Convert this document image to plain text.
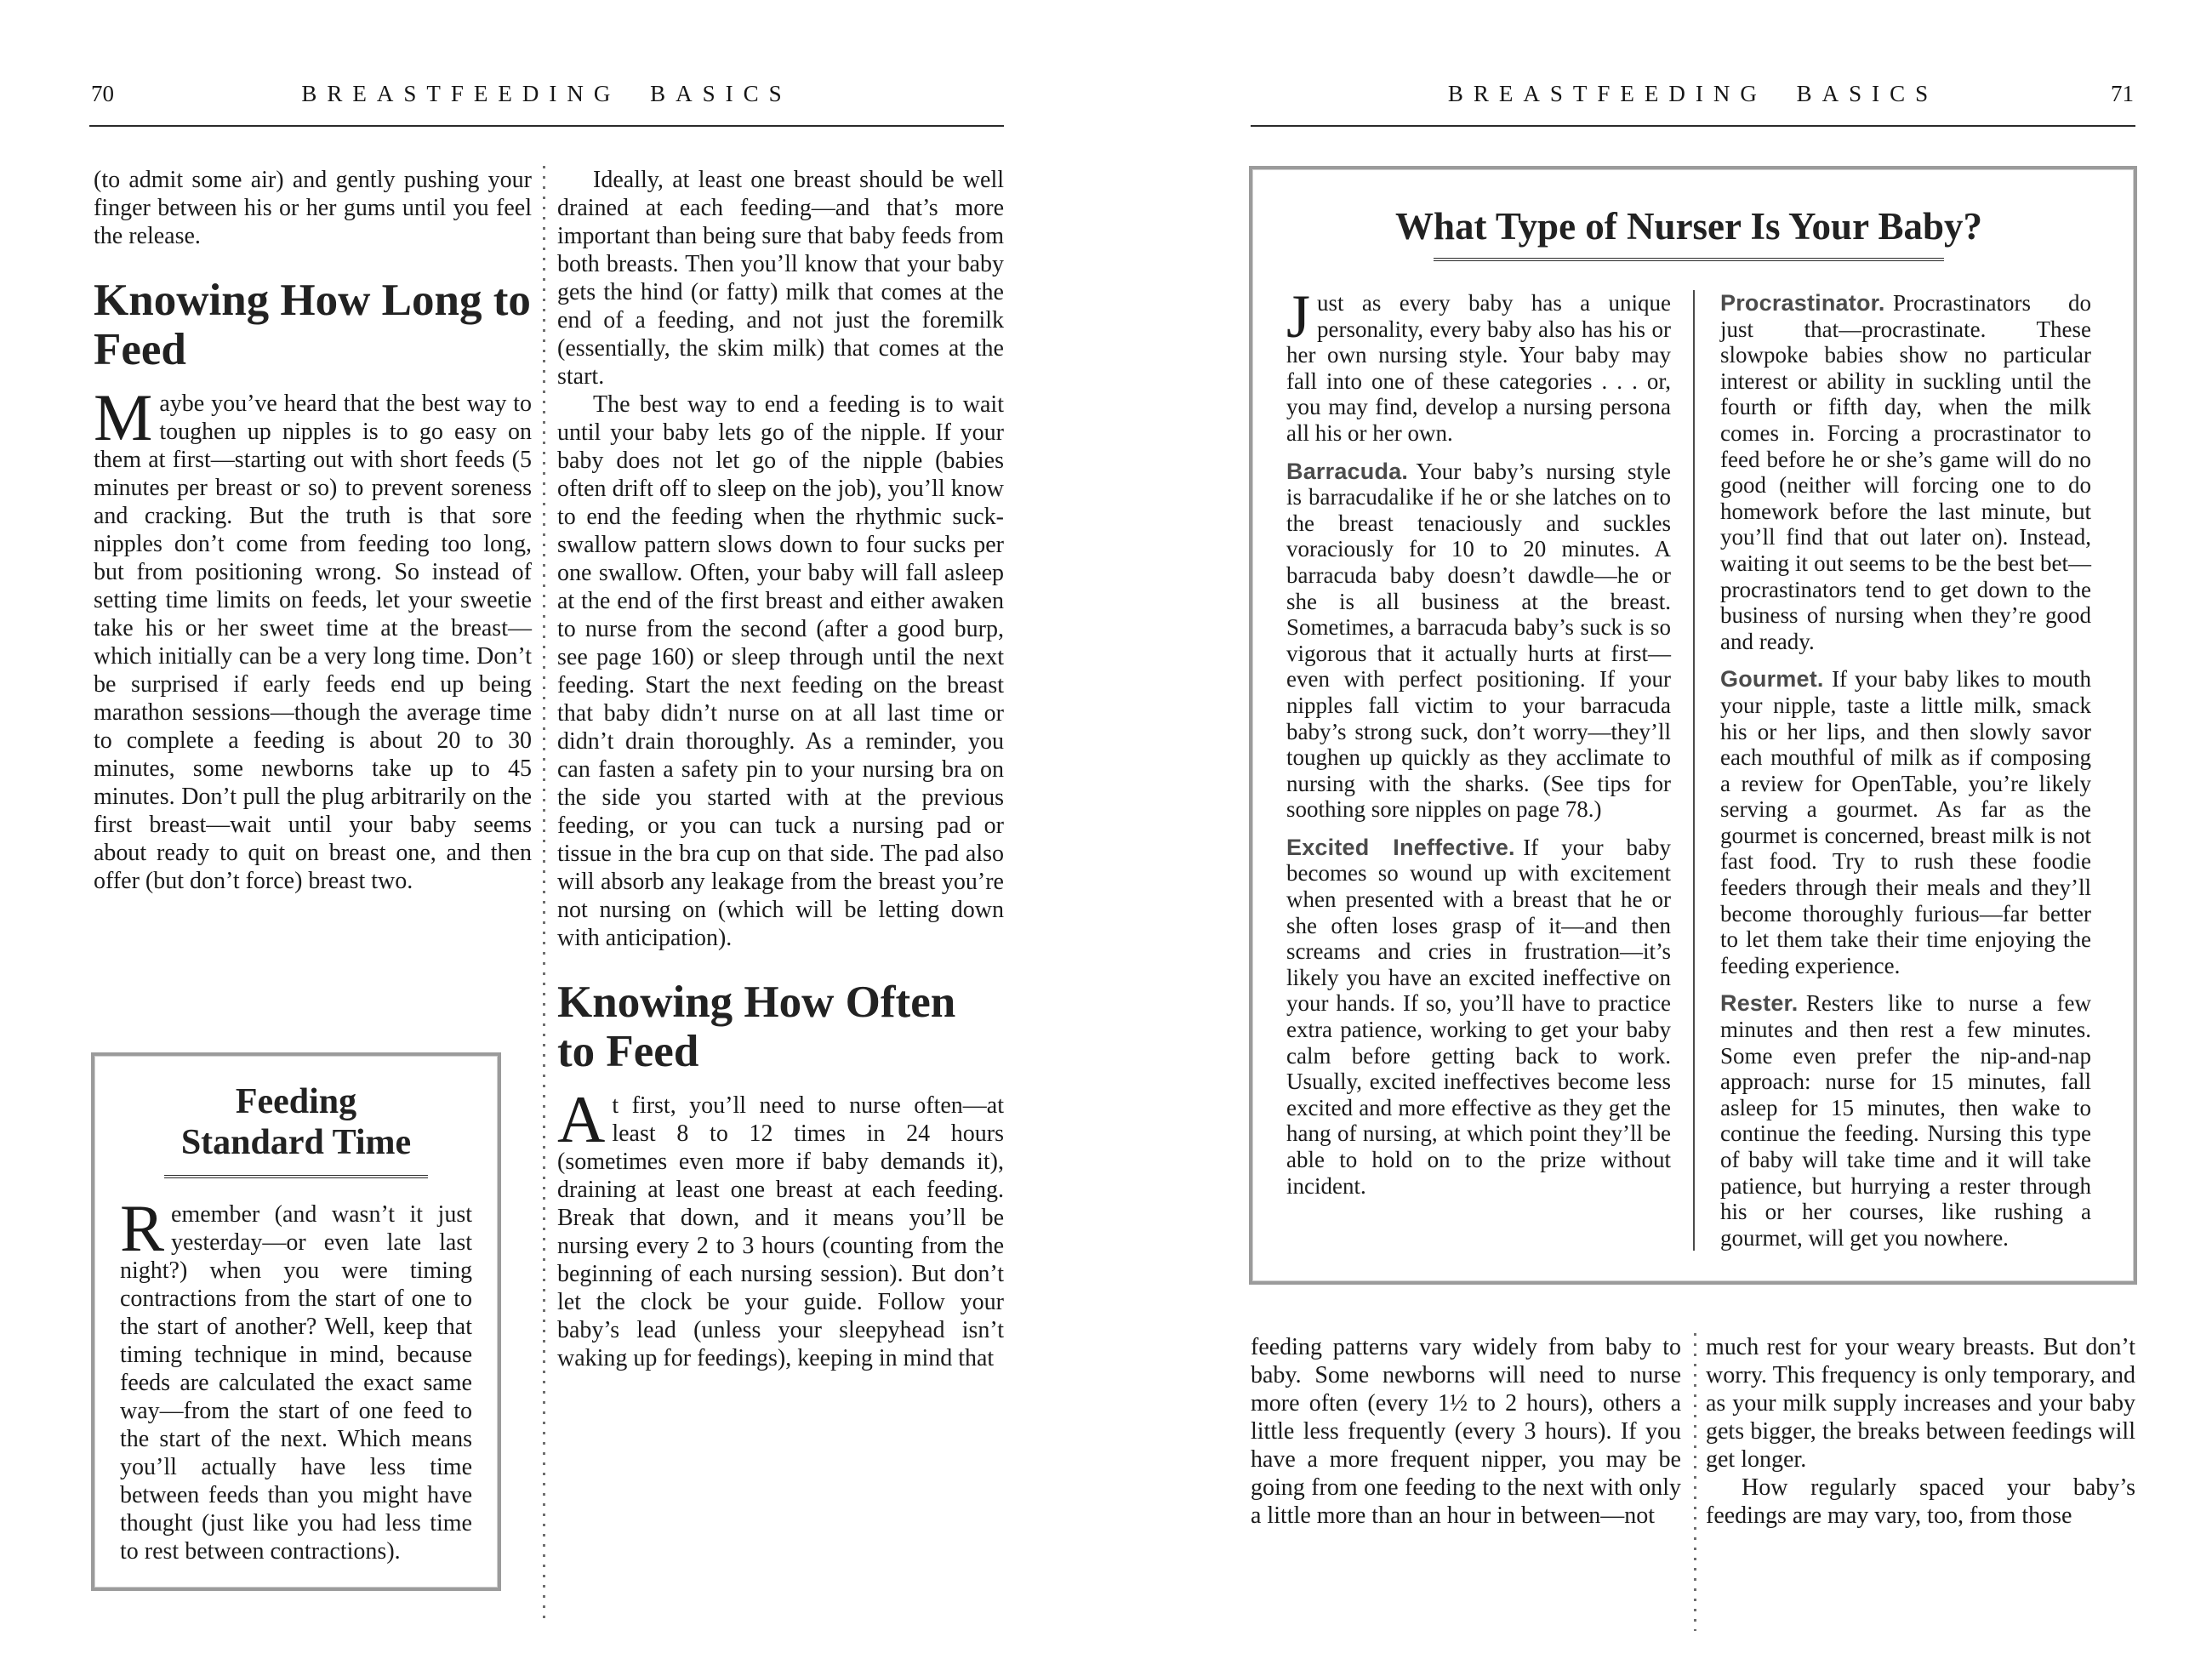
70	BREASTFEEDING BASICS

(to admit some air) and gently pushing your finger between his or her gums until you feel the release.

Knowing How Long to Feed

Maybe you’ve heard that the best way to toughen up nipples is to go easy on them at first—starting out with short feeds (5 minutes per breast or so) to prevent soreness and cracking. But the truth is that sore nipples don’t come from feeding too long, but from positioning wrong. So instead of setting time limits on feeds, let your sweetie take his or her sweet time at the breast—which initially can be a very long time. Don’t be surprised if early feeds end up being marathon sessions—though the average time to complete a feeding is about 20 to 30 minutes, some newborns take up to 45 minutes. Don’t pull the plug arbitrarily on the first breast—wait until your baby seems about ready to quit on breast one, and then offer (but don’t force) breast two.

Feeding Standard Time

Remember (and wasn’t it just yesterday—or even late last night?) when you were timing contractions from the start of one to the start of another? Well, keep that timing technique in mind, because feeds are calculated the exact same way—from the start of one feed to the start of the next. Which means you’ll actually have less time between feeds than you might have thought (just like you had less time to rest between contractions).

Ideally, at least one breast should be well drained at each feeding—and that’s more important than being sure that baby feeds from both breasts. Then you’ll know that your baby gets the hind (or fatty) milk that comes at the end of a feeding, and not just the foremilk (essentially, the skim milk) that comes at the start.

The best way to end a feeding is to wait until your baby lets go of the nipple. If your baby does not let go of the nipple (babies often drift off to sleep on the job), you’ll know to end the feeding when the rhythmic suck-swallow pattern slows down to four sucks per one swallow. Often, your baby will fall asleep at the end of the first breast and either awaken to nurse from the second (after a good burp, see page 160) or sleep through until the next feeding. Start the next feeding on the breast that baby didn’t nurse on at all last time or didn’t drain thoroughly. As a reminder, you can fasten a safety pin to your nursing bra on the side you started with at the previous feeding, or you can tuck a nursing pad or tissue in the bra cup on that side. The pad also will absorb any leakage from the breast you’re not nursing on (which will be letting down with anticipation).

Knowing How Often to Feed

At first, you’ll need to nurse often—at least 8 to 12 times in 24 hours (sometimes even more if baby demands it), draining at least one breast at each feeding. Break that down, and it means you’ll be nursing every 2 to 3 hours (counting from the beginning of each nursing session). But don’t let the clock be your guide. Follow your baby’s lead (unless your sleepyhead isn’t waking up for feedings), keeping in mind that

BREASTFEEDING BASICS	71
What Type of Nurser Is Your Baby?

Just as every baby has a unique personality, every baby also has his or her own nursing style. Your baby may fall into one of these categories . . . or, you may find, develop a nursing persona all his or her own.

Barracuda. Your baby’s nursing style is barracudalike if he or she latches on to the breast tenaciously and suckles voraciously for 10 to 20 minutes. A barracuda baby doesn’t dawdle—he or she is all business at the breast. Sometimes, a barracuda baby’s suck is so vigorous that it actually hurts at first—even with perfect positioning. If your nipples fall victim to your barracuda baby’s strong suck, don’t worry—they’ll toughen up quickly as they acclimate to nursing with the sharks. (See tips for soothing sore nipples on page 78.)

Excited Ineffective. If your baby becomes so wound up with excitement when presented with a breast that he or she often loses grasp of it—and then screams and cries in frustration—it’s likely you have an excited ineffective on your hands. If so, you’ll have to practice extra patience, working to get your baby calm before getting back to work. Usually, excited ineffectives become less excited and more effective as they get the hang of nursing, at which point they’ll be able to hold on to the prize without incident.

Procrastinator. Procrastinators do just that—procrastinate. These slowpoke babies show no particular interest or ability in suckling until the fourth or fifth day, when the milk comes in. Forcing a procrastinator to feed before he or she’s game will do no good (neither will forcing one to do homework before the last minute, but you’ll find that out later on). Instead, waiting it out seems to be the best bet—procrastinators tend to get down to the business of nursing when they’re good and ready.

Gourmet. If your baby likes to mouth your nipple, taste a little milk, smack his or her lips, and then slowly savor each mouthful of milk as if composing a review for OpenTable, you’re likely serving a gourmet. As far as the gourmet is concerned, breast milk is not fast food. Try to rush these foodie feeders through their meals and they’ll become thoroughly furious—far better to let them take their time enjoying the feeding experience.

Rester. Resters like to nurse a few minutes and then rest a few minutes. Some even prefer the nip-and-nap approach: nurse for 15 minutes, fall asleep for 15 minutes, then wake to continue the feeding. Nursing this type of baby will take time and it will take patience, but hurrying a rester through his or her courses, like rushing a gourmet, will get you nowhere.

feeding patterns vary widely from baby to baby. Some newborns will need to nurse more often (every 1½ to 2 hours), others a little less frequently (every 3 hours). If you have a more frequent nipper, you may be going from one feeding to the next with only a little more than an hour in between—not

much rest for your weary breasts. But don’t worry. This frequency is only temporary, and as your milk supply increases and your baby gets bigger, the breaks between feedings will get longer.

How regularly spaced your baby’s feedings are may vary, too, from those
